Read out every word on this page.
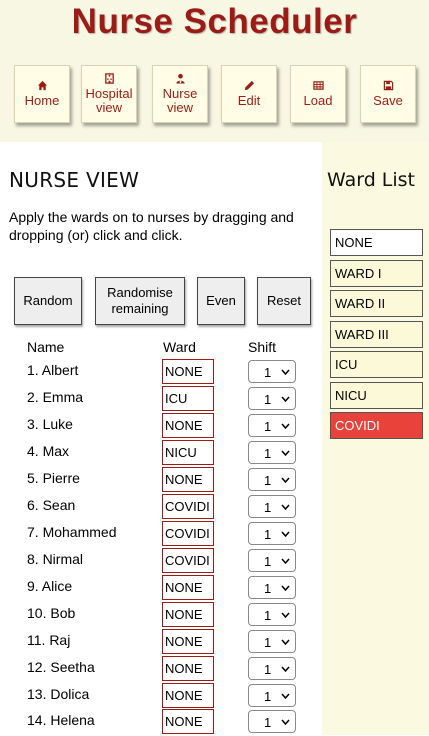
Nurse Scheduler
Home Hospital
view
Nurse
view	Edit	Load	Save
NURSE VIEW
Apply the wards on to nurses by dragging and dropping (or) click and click.
Random
Randomise
remaining
Even Reset
Name	Ward	Shift
1. Albert	NONE	1
2. Emma	ICU	1
3. Luke	NONE	1
4. Max	NICU	1
5. Pierre	NONE	1
6. Sean	COVIDI	1
7. Mohammed	COVIDI	1
8. Nirmal	COVIDI	1
9. Alice	NONE	1
10. Bob	NONE	1
11. Raj	NONE	1
12. Seetha	NONE	1
13. Dolica	NONE	1
14. Helena	NONE	1
Ward List
NONE
WARD I
WARD II
WARD III
ICU
NICU
COVIDI
